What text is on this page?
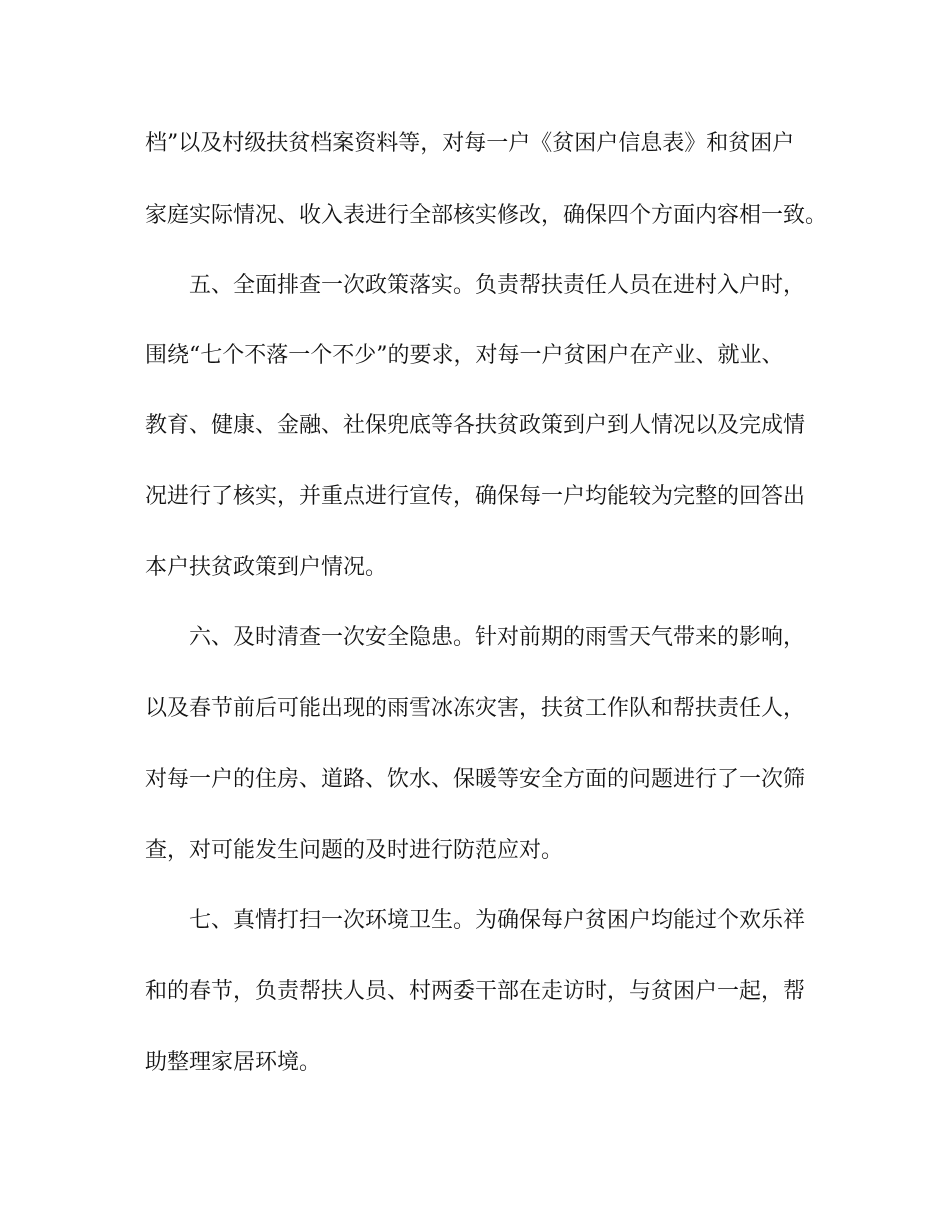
档”以及村级扶贫档案资料等，对每一户《贫困户信息表》和贫困户
家庭实际情况、收入表进行全部核实修改，确保四个方面内容相一致。
五、全面排查一次政策落实。负责帮扶责任人员在进村入户时，
围绕“七个不落一个不少”的要求，对每一户贫困户在产业、就业、
教育、健康、金融、社保兜底等各扶贫政策到户到人情况以及完成情
况进行了核实，并重点进行宣传，确保每一户均能较为完整的回答出
本户扶贫政策到户情况。
六、及时清查一次安全隐患。针对前期的雨雪天气带来的影响，
以及春节前后可能出现的雨雪冰冻灾害，扶贫工作队和帮扶责任人，
对每一户的住房、道路、饮水、保暖等安全方面的问题进行了一次筛
查，对可能发生问题的及时进行防范应对。
七、真情打扫一次环境卫生。为确保每户贫困户均能过个欢乐祥
和的春节，负责帮扶人员、村两委干部在走访时，与贫困户一起，帮
助整理家居环境。
